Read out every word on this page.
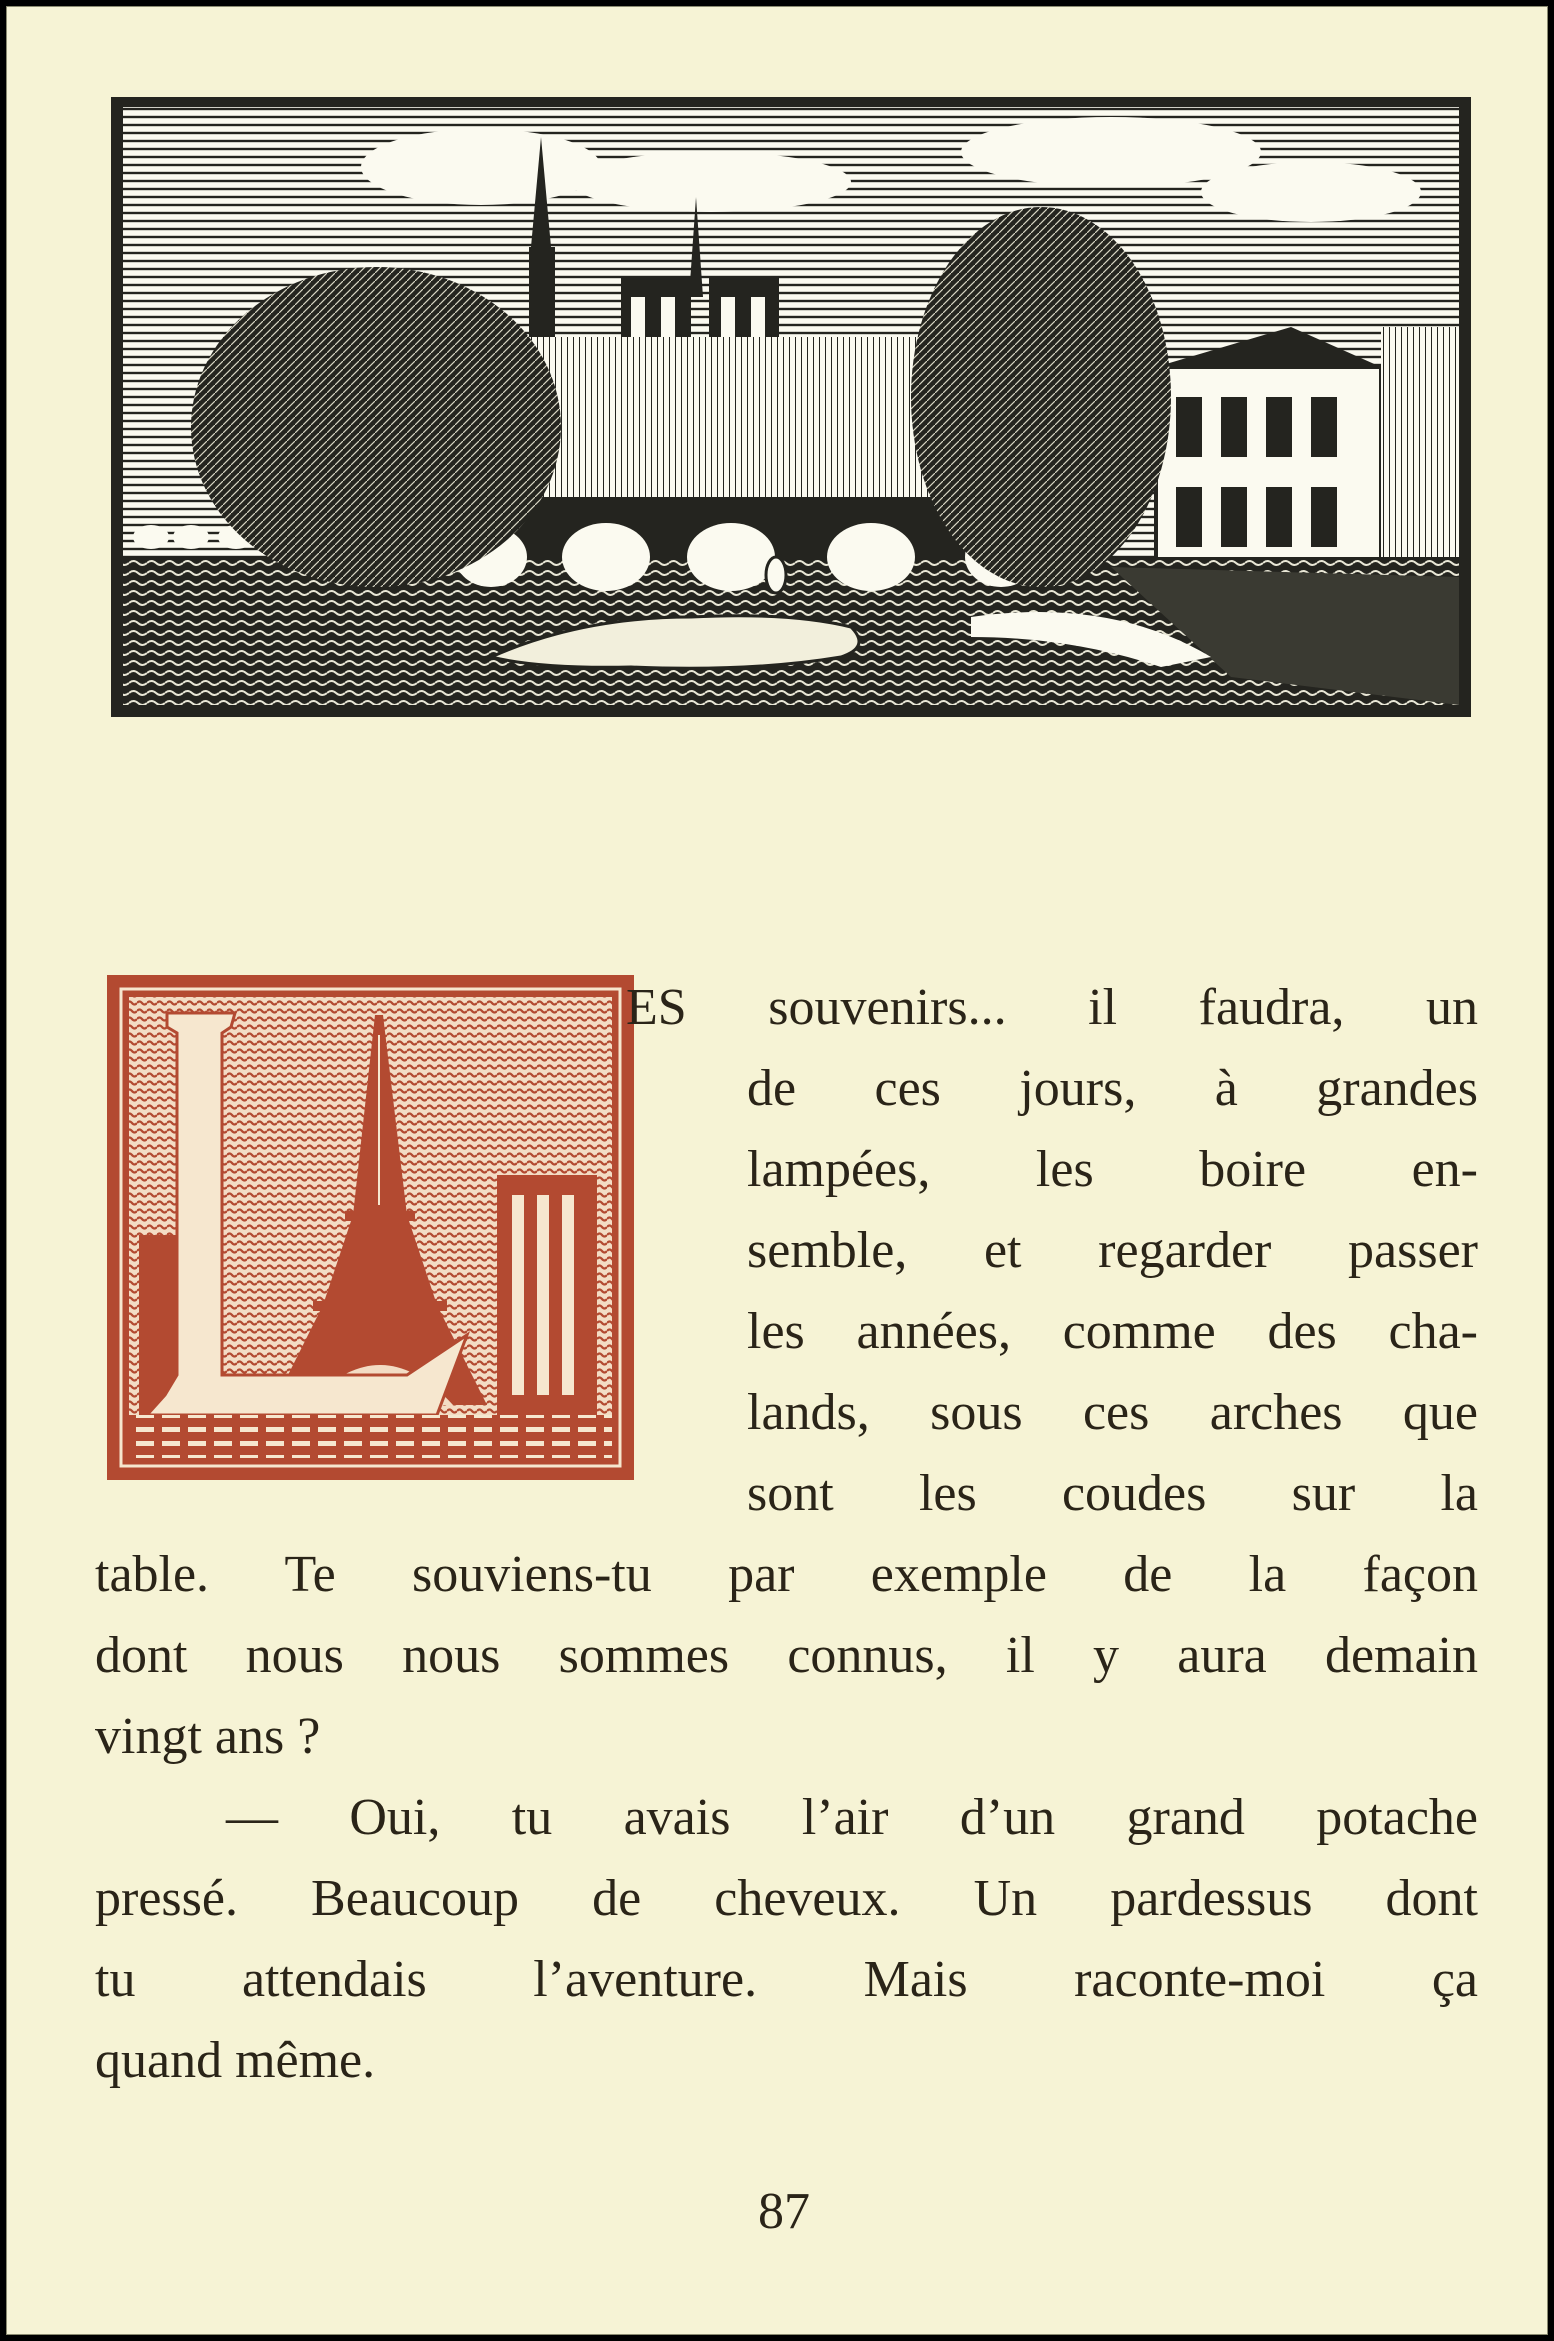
ES souvenirs... il faudra, un
de ces jours, à grandes
lampées, les boire en-
semble, et regarder passer
les années, comme des cha-
lands, sous ces arches que
sont les coudes sur la
table. Te souviens-tu par exemple de la façon
dont nous nous sommes connus, il y aura demain
vingt ans ?
— Oui, tu avais l’air d’un grand potache
pressé. Beaucoup de cheveux. Un pardessus dont
tu attendais l’aventure. Mais raconte-moi ça
quand même.
87
